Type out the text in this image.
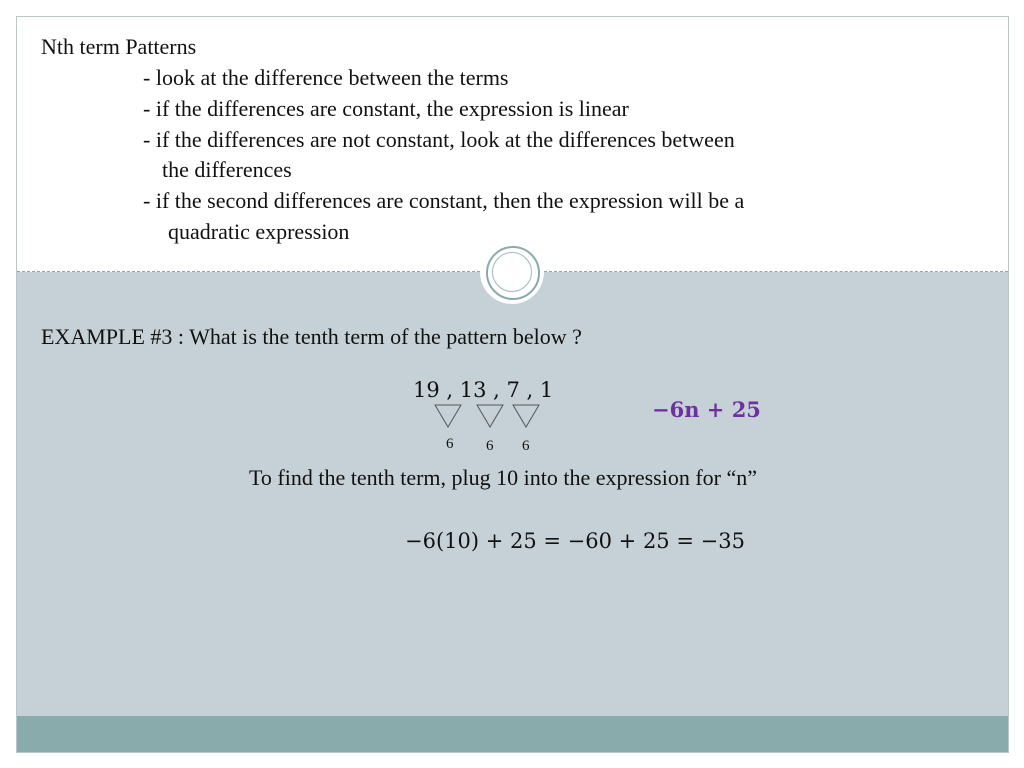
Nth term Patterns
- look at the difference between the terms
- if the differences are constant, the expression is linear
- if the differences are not constant, look at the differences between
the differences
- if the second differences are constant, then the expression will be a
quadratic expression
EXAMPLE #3 : What is the tenth term of the pattern below ?
19 , 13 , 7 , 1
6 6 6
−6n + 25
To find the tenth term, plug 10 into the expression for “n”
−6(10) + 25 = −60 + 25 = −35
